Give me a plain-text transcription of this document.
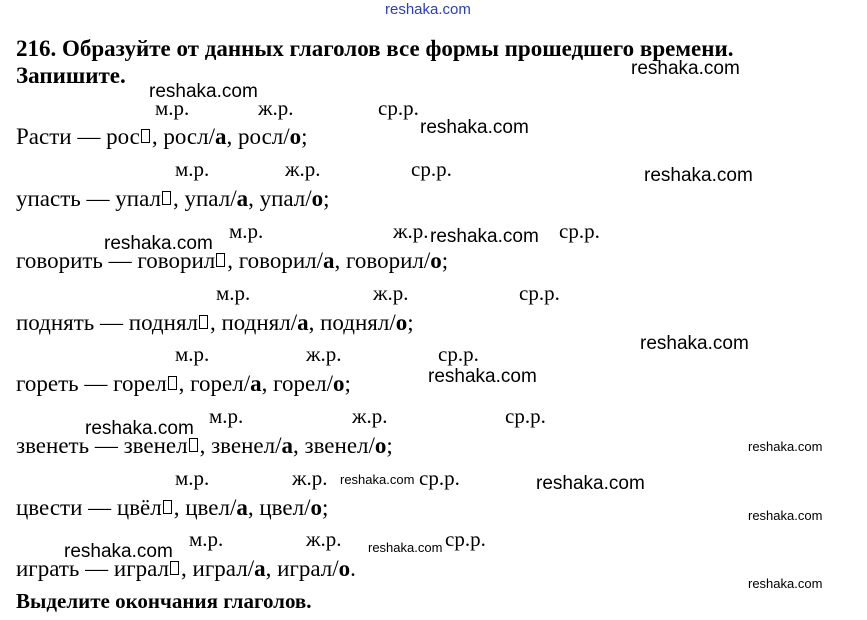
reshaka.com
216. Образуйте от данных глаголов все формы прошедшего времени.
Запишите.
м.р.	ж.р.	ср.р.
Расти — рос , росл/а, росл/о;
м.р.	ж.р.	ср.р.
упасть — упал , упал/а, упал/о;
м.р.	ж.р.	ср.р.
говорить — говорил , говорил/а, говорил/о;
м.р.	ж.р.	ср.р.
поднять — поднял , поднял/а, поднял/о;
м.р.	ж.р.	ср.р.
гореть — горел , горел/а, горел/о;
м.р.	ж.р.	ср.р.
звенеть — звенел , звенел/а, звенел/о;
м.р.	ж.р.	ср.р.
цвести — цвёл , цвел/а, цвел/о;
м.р.	ж.р.	ср.р.
играть — играл , играл/а, играл/о.
Выделите окончания глаголов.
reshaka.com
reshaka.com
reshaka.com
reshaka.com
reshaka.com	reshaka.com
reshaka.com
reshaka.com
reshaka.com
reshaka.com
reshaka.com	reshaka.com
reshaka.com
reshaka.com	reshaka.com
reshaka.com
